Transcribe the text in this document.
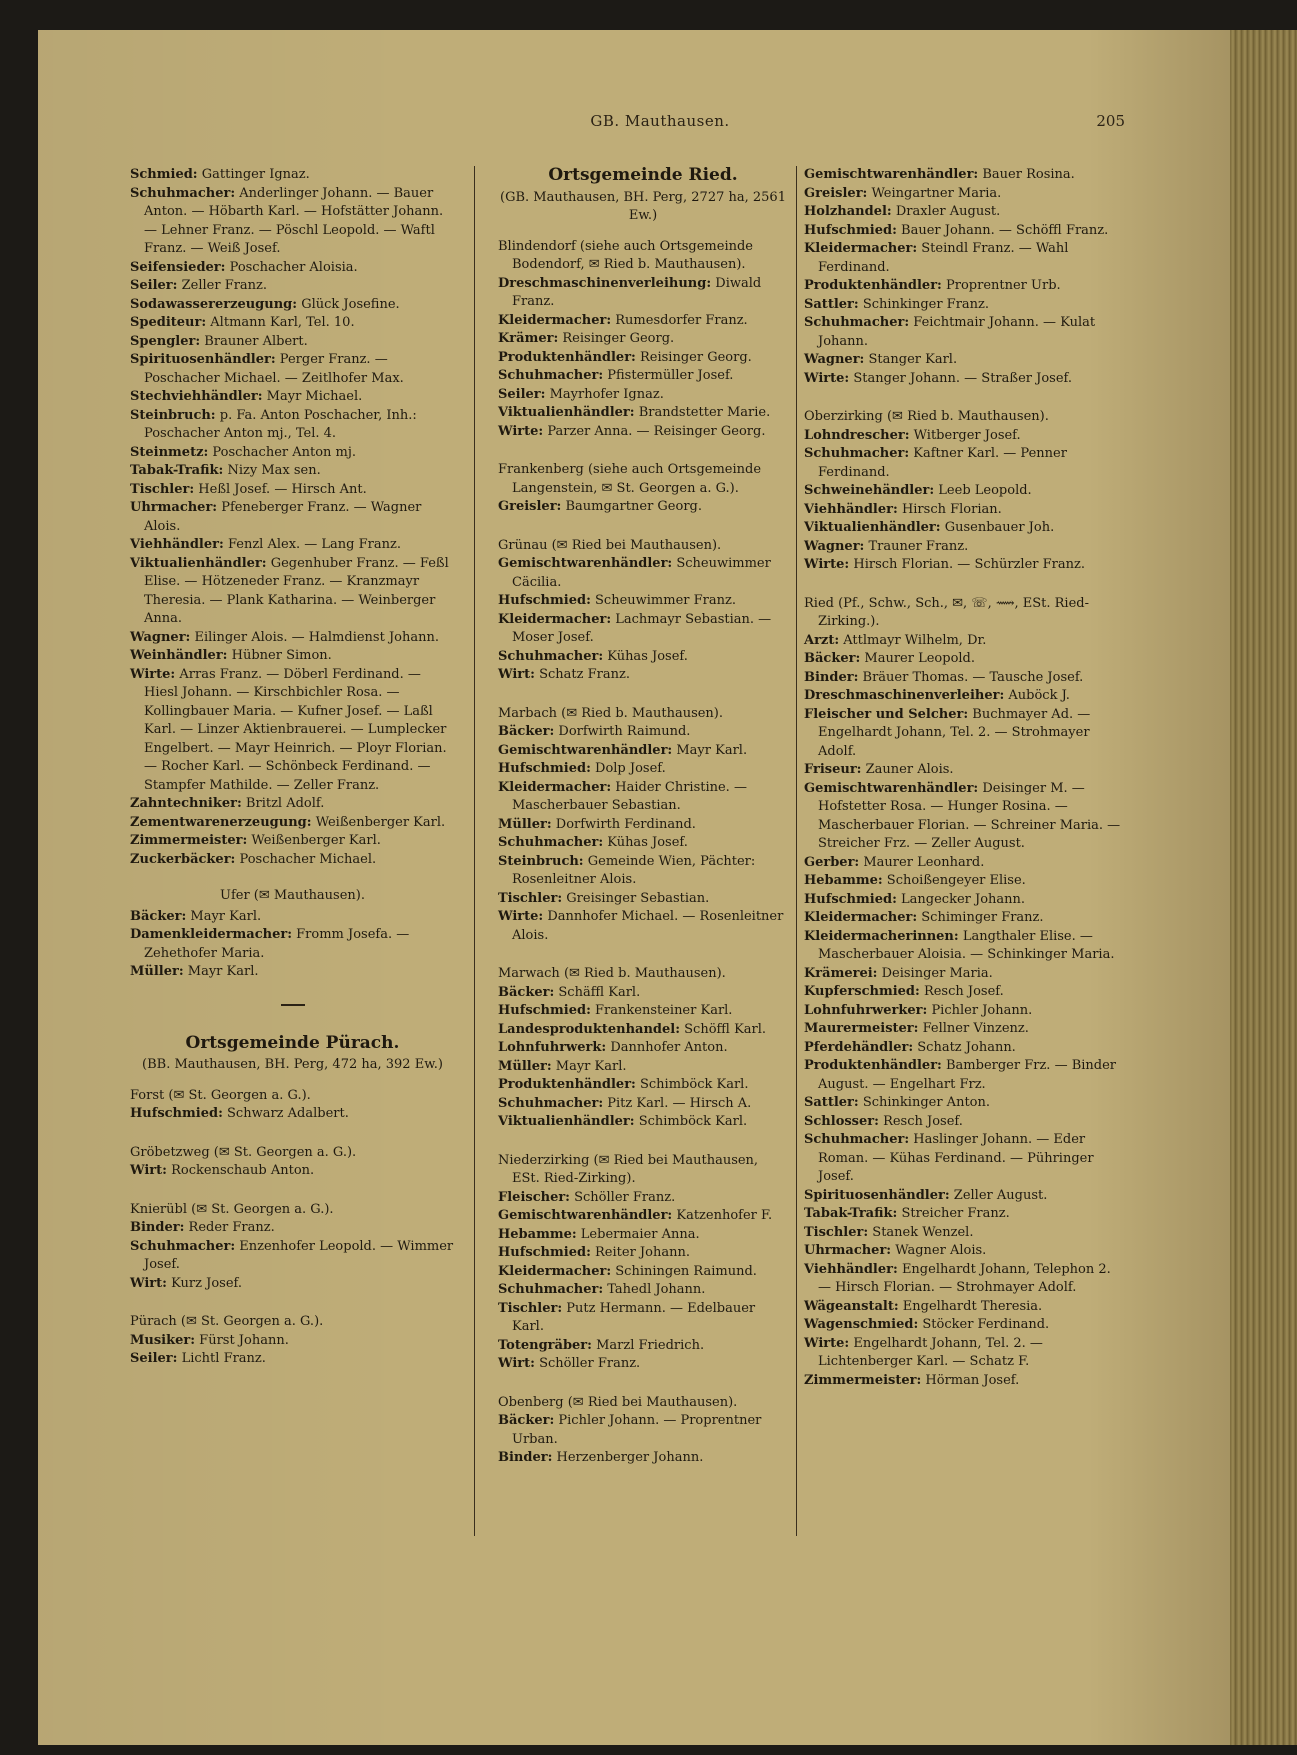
GB. Mauthausen.	205

Schmied: Gattinger Ignaz.

Schuhmacher: Anderlinger Johann. — Bauer Anton. — Höbarth Karl. — Hofstätter Johann. — Lehner Franz. — Pöschl Leopold. — Waftl Franz. — Weiß Josef.

Seifensieder: Poschacher Aloisia.

Seiler: Zeller Franz.

Sodawassererzeugung: Glück Josefine.

Spediteur: Altmann Karl, Tel. 10.

Spengler: Brauner Albert.

Spirituosenhändler: Perger Franz. — Poschacher Michael. — Zeitlhofer Max.

Stechviehhändler: Mayr Michael.

Steinbruch: p. Fa. Anton Poschacher, Inh.: Poschacher Anton mj., Tel. 4.

Steinmetz: Poschacher Anton mj.

Tabak-Trafik: Nizy Max sen.

Tischler: Heßl Josef. — Hirsch Ant.

Uhrmacher: Pfeneberger Franz. — Wagner Alois.

Viehhändler: Fenzl Alex. — Lang Franz.

Viktualienhändler: Gegenhuber Franz. — Feßl Elise. — Hötzeneder Franz. — Kranzmayr Theresia. — Plank Katharina. — Weinberger Anna.

Wagner: Eilinger Alois. — Halmdienst Johann.

Weinhändler: Hübner Simon.

Wirte: Arras Franz. — Döberl Ferdinand. — Hiesl Johann. — Kirschbichler Rosa. — Kollingbauer Maria. — Kufner Josef. — Laßl Karl. — Linzer Aktienbrauerei. — Lumplecker Engelbert. — Mayr Heinrich. — Ployr Florian. — Rocher Karl. — Schönbeck Ferdinand. — Stampfer Mathilde. — Zeller Franz.

Zahntechniker: Britzl Adolf.

Zementwarenerzeugung: Weißenberger Karl.

Zimmermeister: Weißenberger Karl.

Zuckerbäcker: Poschacher Michael.

Ufer (✉ Mauthausen).

Bäcker: Mayr Karl.

Damenkleidermacher: Fromm Josefa. — Zehethofer Maria.

Müller: Mayr Karl.

Ortsgemeinde Pürach.
(BB. Mauthausen, BH. Perg, 472 ha, 392 Ew.)
Forst (✉ St. Georgen a. G.).

Hufschmied: Schwarz Adalbert.

Gröbetzweg (✉ St. Georgen a. G.).

Wirt: Rockenschaub Anton.

Knierübl (✉ St. Georgen a. G.).

Binder: Reder Franz.

Schuhmacher: Enzenhofer Leopold. — Wimmer Josef.

Wirt: Kurz Josef.

Pürach (✉ St. Georgen a. G.).

Musiker: Fürst Johann.

Seiler: Lichtl Franz.

Ortsgemeinde Ried.
(GB. Mauthausen, BH. Perg, 2727 ha, 2561 Ew.)
Blindendorf (siehe auch Ortsgemeinde Bodendorf, ✉ Ried b. Mauthausen).

Dreschmaschinenverleihung: Diwald Franz.

Kleidermacher: Rumesdorfer Franz.

Krämer: Reisinger Georg.

Produktenhändler: Reisinger Georg.

Schuhmacher: Pfistermüller Josef.

Seiler: Mayrhofer Ignaz.

Viktualienhändler: Brandstetter Marie.

Wirte: Parzer Anna. — Reisinger Georg.

Frankenberg (siehe auch Ortsgemeinde Langenstein, ✉ St. Georgen a. G.).

Greisler: Baumgartner Georg.

Grünau (✉ Ried bei Mauthausen).

Gemischtwarenhändler: Scheuwimmer Cäcilia.

Hufschmied: Scheuwimmer Franz.

Kleidermacher: Lachmayr Sebastian. — Moser Josef.

Schuhmacher: Kühas Josef.

Wirt: Schatz Franz.

Marbach (✉ Ried b. Mauthausen).

Bäcker: Dorfwirth Raimund.

Gemischtwarenhändler: Mayr Karl.

Hufschmied: Dolp Josef.

Kleidermacher: Haider Christine. — Mascherbauer Sebastian.

Müller: Dorfwirth Ferdinand.

Schuhmacher: Kühas Josef.

Steinbruch: Gemeinde Wien, Pächter: Rosenleitner Alois.

Tischler: Greisinger Sebastian.

Wirte: Dannhofer Michael. — Rosenleitner Alois.

Marwach (✉ Ried b. Mauthausen).

Bäcker: Schäffl Karl.

Hufschmied: Frankensteiner Karl.

Landesproduktenhandel: Schöffl Karl.

Lohnfuhrwerk: Dannhofer Anton.

Müller: Mayr Karl.

Produktenhändler: Schimböck Karl.

Schuhmacher: Pitz Karl. — Hirsch A.

Viktualienhändler: Schimböck Karl.

Niederzirking (✉ Ried bei Mauthausen, ESt. Ried-Zirking).

Fleischer: Schöller Franz.

Gemischtwarenhändler: Katzenhofer F.

Hebamme: Lebermaier Anna.

Hufschmied: Reiter Johann.

Kleidermacher: Schiningen Raimund.

Schuhmacher: Tahedl Johann.

Tischler: Putz Hermann. — Edelbauer Karl.

Totengräber: Marzl Friedrich.

Wirt: Schöller Franz.

Obenberg (✉ Ried bei Mauthausen).

Bäcker: Pichler Johann. — Proprentner Urban.

Binder: Herzenberger Johann.

Gemischtwarenhändler: Bauer Rosina.

Greisler: Weingartner Maria.

Holzhandel: Draxler August.

Hufschmied: Bauer Johann. — Schöffl Franz.

Kleidermacher: Steindl Franz. — Wahl Ferdinand.

Produktenhändler: Proprentner Urb.

Sattler: Schinkinger Franz.

Schuhmacher: Feichtmair Johann. — Kulat Johann.

Wagner: Stanger Karl.

Wirte: Stanger Johann. — Straßer Josef.

Oberzirking (✉ Ried b. Mauthausen).

Lohndrescher: Witberger Josef.

Schuhmacher: Kaftner Karl. — Penner Ferdinand.

Schweinehändler: Leeb Leopold.

Viehhändler: Hirsch Florian.

Viktualienhändler: Gusenbauer Joh.

Wagner: Trauner Franz.

Wirte: Hirsch Florian. — Schürzler Franz.

Ried (Pf., Schw., Sch., ✉, ☏, ⟿, ESt. Ried-Zirking.).

Arzt: Attlmayr Wilhelm, Dr.

Bäcker: Maurer Leopold.

Binder: Bräuer Thomas. — Tausche Josef.

Dreschmaschinenverleiher: Auböck J.

Fleischer und Selcher: Buchmayer Ad. — Engelhardt Johann, Tel. 2. — Strohmayer Adolf.

Friseur: Zauner Alois.

Gemischtwarenhändler: Deisinger M. — Hofstetter Rosa. — Hunger Rosina. — Mascherbauer Florian. — Schreiner Maria. — Streicher Frz. — Zeller August.

Gerber: Maurer Leonhard.

Hebamme: Schoißengeyer Elise.

Hufschmied: Langecker Johann.

Kleidermacher: Schiminger Franz.

Kleidermacherinnen: Langthaler Elise. — Mascherbauer Aloisia. — Schinkinger Maria.

Krämerei: Deisinger Maria.

Kupferschmied: Resch Josef.

Lohnfuhrwerker: Pichler Johann.

Maurermeister: Fellner Vinzenz.

Pferdehändler: Schatz Johann.

Produktenhändler: Bamberger Frz. — Binder August. — Engelhart Frz.

Sattler: Schinkinger Anton.

Schlosser: Resch Josef.

Schuhmacher: Haslinger Johann. — Eder Roman. — Kühas Ferdinand. — Pühringer Josef.

Spirituosenhändler: Zeller August.

Tabak-Trafik: Streicher Franz.

Tischler: Stanek Wenzel.

Uhrmacher: Wagner Alois.

Viehhändler: Engelhardt Johann, Telephon 2. — Hirsch Florian. — Strohmayer Adolf.

Wägeanstalt: Engelhardt Theresia.

Wagenschmied: Stöcker Ferdinand.

Wirte: Engelhardt Johann, Tel. 2. — Lichtenberger Karl. — Schatz F.

Zimmermeister: Hörman Josef.
